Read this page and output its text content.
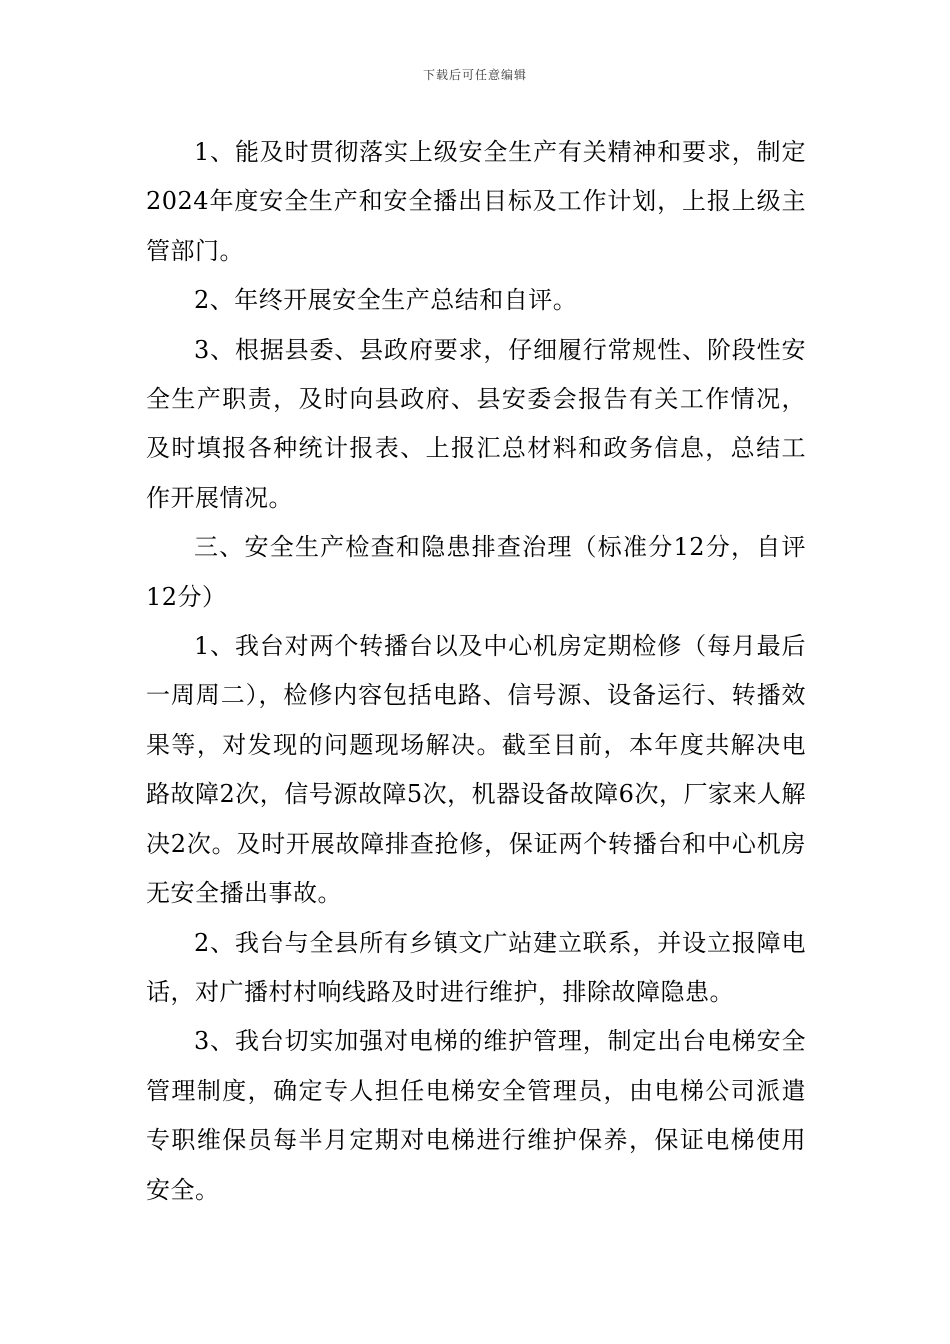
下载后可任意编辑

1、能及时贯彻落实上级安全生产有关精神和要求，制定2024年度安全生产和安全播出目标及工作计划，上报上级主管部门。

2、年终开展安全生产总结和自评。

3、根据县委、县政府要求，仔细履行常规性、阶段性安全生产职责，及时向县政府、县安委会报告有关工作情况，及时填报各种统计报表、上报汇总材料和政务信息，总结工作开展情况。

三、安全生产检查和隐患排查治理（标准分12分，自评12分）

1、我台对两个转播台以及中心机房定期检修（每月最后一周周二），检修内容包括电路、信号源、设备运行、转播效果等，对发现的问题现场解决。截至目前，本年度共解决电路故障2次，信号源故障5次，机器设备故障6次，厂家来人解决2次。及时开展故障排查抢修，保证两个转播台和中心机房无安全播出事故。

2、我台与全县所有乡镇文广站建立联系，并设立报障电话，对广播村村响线路及时进行维护，排除故障隐患。

3、我台切实加强对电梯的维护管理，制定出台电梯安全管理制度，确定专人担任电梯安全管理员，由电梯公司派遣专职维保员每半月定期对电梯进行维护保养，保证电梯使用安全。
